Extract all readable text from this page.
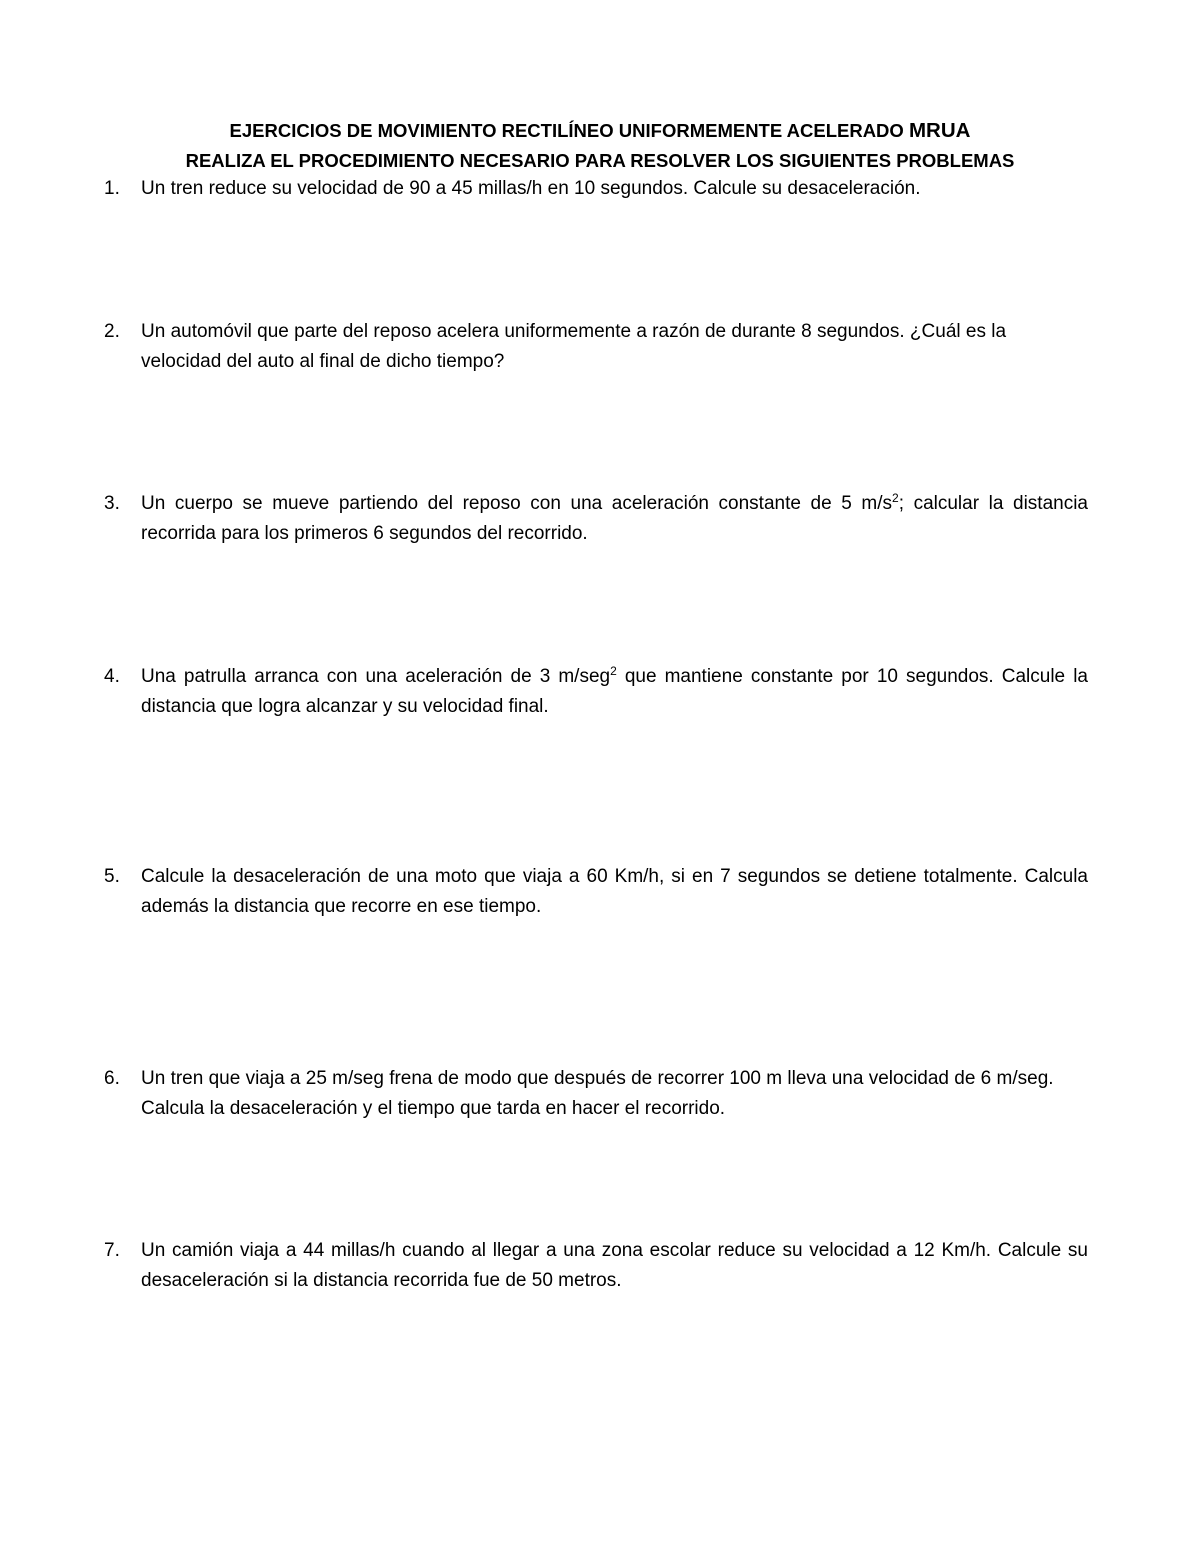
EJERCICIOS DE MOVIMIENTO RECTILÍNEO UNIFORMEMENTE ACELERADO MRUA
REALIZA EL PROCEDIMIENTO NECESARIO PARA RESOLVER LOS SIGUIENTES PROBLEMAS
1.	Un tren reduce su velocidad de 90 a 45 millas/h en 10 segundos. Calcule su desaceleración.
2.	Un automóvil que parte del reposo acelera uniformemente a razón de durante 8 segundos. ¿Cuál es la velocidad del auto al final de dicho tiempo?
3.	Un cuerpo se mueve partiendo del reposo con una aceleración constante de 5 $m/s^2$; calcular la distancia recorrida para los primeros 6 segundos del recorrido.
4.	Una patrulla arranca con una aceleración de 3 m/seg$^2$ que mantiene constante por 10 segundos. Calcule la distancia que logra alcanzar y su velocidad final.
5.	Calcule la desaceleración de una moto que viaja a 60 Km/h, si en 7 segundos se detiene totalmente. Calcula además la distancia que recorre en ese tiempo.
6.	Un tren que viaja a 25 m/seg frena de modo que después de recorrer 100 m lleva una velocidad de 6 m/seg. Calcula la desaceleración y el tiempo que tarda en hacer el recorrido.
7.	Un camión viaja a 44 millas/h cuando al llegar a una zona escolar reduce su velocidad a 12 Km/h. Calcule su desaceleración si la distancia recorrida fue de 50 metros.
